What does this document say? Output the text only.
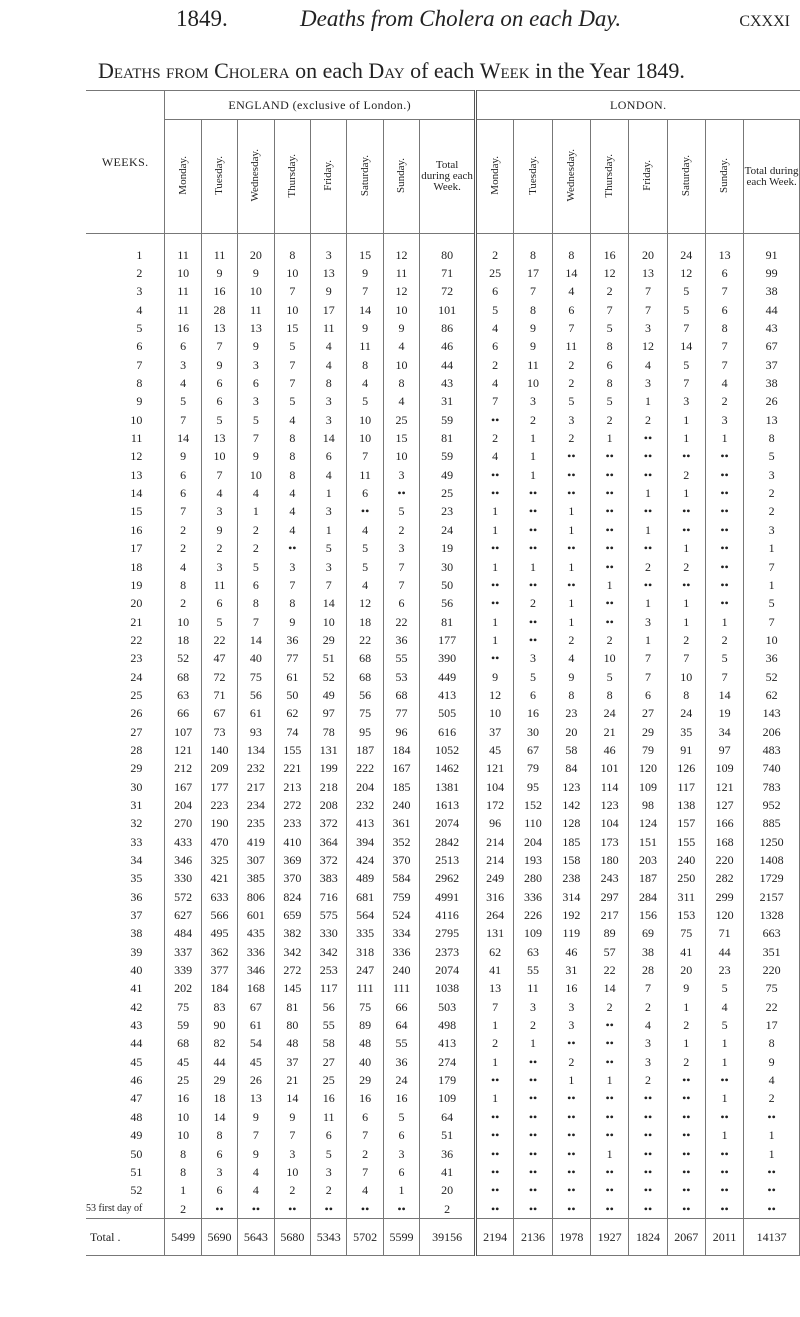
1849.	Deaths from Cholera on each Day.	cxxxi
Deaths from Cholera on each Day of each Week in the Year 1849.
WEEKS.	ENGLAND (exclusive of London.)								LONDON.							
	Monday.	Tuesday.	Wednesday.	Thursday.	Friday.	Saturday.	Sunday.	Total during each Week.	Monday.	Tuesday.	Wednesday.	Thursday.	Friday.	Saturday.	Sunday.	Total during each Week.
1	11	11	20	8	3	15	12	80	2	8	8	16	20	24	13	91
2	10	9	9	10	13	9	11	71	25	17	14	12	13	12	6	99
3	11	16	10	7	9	7	12	72	6	7	4	2	7	5	7	38
4	11	28	11	10	17	14	10	101	5	8	6	7	7	5	6	44
5	16	13	13	15	11	9	9	86	4	9	7	5	3	7	8	43
6	6	7	9	5	4	11	4	46	6	9	11	8	12	14	7	67
7	3	9	3	7	4	8	10	44	2	11	2	6	4	5	7	37
8	4	6	6	7	8	4	8	43	4	10	2	8	3	7	4	38
9	5	6	3	5	3	5	4	31	7	3	5	5	1	3	2	26
10	7	5	5	4	3	10	25	59	••	2	3	2	2	1	3	13
11	14	13	7	8	14	10	15	81	2	1	2	1	••	1	1	8
12	9	10	9	8	6	7	10	59	4	1	••	••	••	••	••	5
13	6	7	10	8	4	11	3	49	••	1	••	••	••	2	••	3
14	6	4	4	4	1	6	••	25	••	••	••	••	1	1	••	2
15	7	3	1	4	3	••	5	23	1	••	1	••	••	••	••	2
16	2	9	2	4	1	4	2	24	1	••	1	••	1	••	••	3
17	2	2	2	••	5	5	3	19	••	••	••	••	••	1	••	1
18	4	3	5	3	3	5	7	30	1	1	1	••	2	2	••	7
19	8	11	6	7	7	4	7	50	••	••	••	1	••	••	••	1
20	2	6	8	8	14	12	6	56	••	2	1	••	1	1	••	5
21	10	5	7	9	10	18	22	81	1	••	1	••	3	1	1	7
22	18	22	14	36	29	22	36	177	1	••	2	2	1	2	2	10
23	52	47	40	77	51	68	55	390	••	3	4	10	7	7	5	36
24	68	72	75	61	52	68	53	449	9	5	9	5	7	10	7	52
25	63	71	56	50	49	56	68	413	12	6	8	8	6	8	14	62
26	66	67	61	62	97	75	77	505	10	16	23	24	27	24	19	143
27	107	73	93	74	78	95	96	616	37	30	20	21	29	35	34	206
28	121	140	134	155	131	187	184	1052	45	67	58	46	79	91	97	483
29	212	209	232	221	199	222	167	1462	121	79	84	101	120	126	109	740
30	167	177	217	213	218	204	185	1381	104	95	123	114	109	117	121	783
31	204	223	234	272	208	232	240	1613	172	152	142	123	98	138	127	952
32	270	190	235	233	372	413	361	2074	96	110	128	104	124	157	166	885
33	433	470	419	410	364	394	352	2842	214	204	185	173	151	155	168	1250
34	346	325	307	369	372	424	370	2513	214	193	158	180	203	240	220	1408
35	330	421	385	370	383	489	584	2962	249	280	238	243	187	250	282	1729
36	572	633	806	824	716	681	759	4991	316	336	314	297	284	311	299	2157
37	627	566	601	659	575	564	524	4116	264	226	192	217	156	153	120	1328
38	484	495	435	382	330	335	334	2795	131	109	119	89	69	75	71	663
39	337	362	336	342	342	318	336	2373	62	63	46	57	38	41	44	351
40	339	377	346	272	253	247	240	2074	41	55	31	22	28	20	23	220
41	202	184	168	145	117	111	111	1038	13	11	16	14	7	9	5	75
42	75	83	67	81	56	75	66	503	7	3	3	2	2	1	4	22
43	59	90	61	80	55	89	64	498	1	2	3	••	4	2	5	17
44	68	82	54	48	58	48	55	413	2	1	••	••	3	1	1	8
45	45	44	45	37	27	40	36	274	1	••	2	••	3	2	1	9
46	25	29	26	21	25	29	24	179	••	••	1	1	2	••	••	4
47	16	18	13	14	16	16	16	109	1	••	••	••	••	••	1	2
48	10	14	9	9	11	6	5	64	••	••	••	••	••	••	••	••
49	10	8	7	7	6	7	6	51	••	••	••	••	••	••	1	1
50	8	6	9	3	5	2	3	36	••	••	••	1	••	••	••	1
51	8	3	4	10	3	7	6	41	••	••	••	••	••	••	••	••
52	1	6	4	2	2	4	1	20	••	••	••	••	••	••	••	••
53 first day of	2	••	••	••	••	••	••	2	••	••	••	••	••	••	••	••
Total .	5499	5690	5643	5680	5343	5702	5599	39156	2194	2136	1978	1927	1824	2067	2011	14137
